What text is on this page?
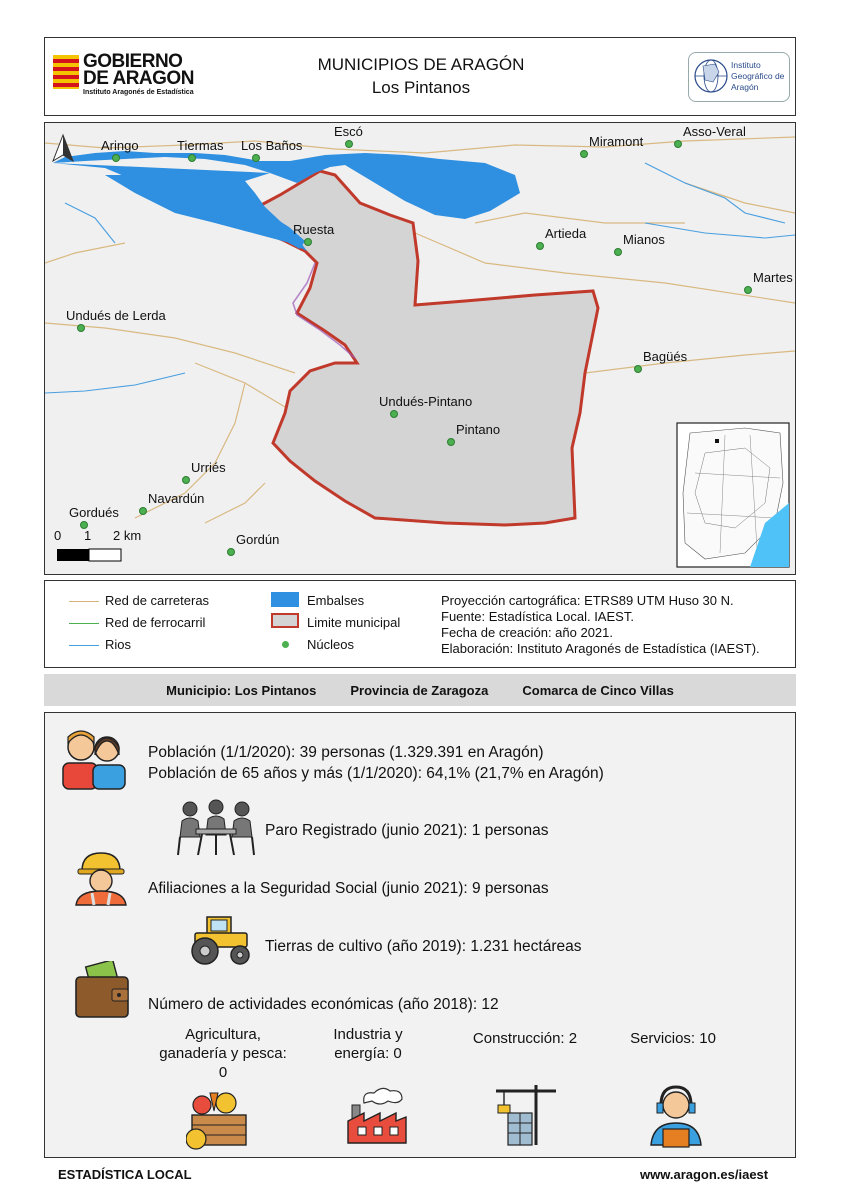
GOBIERNO
DE ARAGON
Instituto Aragonés de Estadística
MUNICIPIOS DE ARAGÓN
Los Pintanos
Instituto
Geográfico de
Aragón
Aringo	Tiermas Los Baños
Escó
Miramont
Asso-Veral
Ruesta	Artieda	Mianos
Martes
Undués de Lerda
Bagüés
Undués-Pintano
Pintano
Urriés
Navardún
Gordués
Gordún
0 1 2 km
Red de carreteras
Red de ferrocarril
Rios
Embalses
Limite municipal
Núcleos
Proyección cartográfica: ETRS89 UTM Huso 30 N.
Fuente: Estadística Local. IAEST.
Fecha de creación: año 2021.
Elaboración: Instituto Aragonés de Estadística (IAEST).
Municipio: Los Pintanos	Provincia de Zaragoza	Comarca de Cinco Villas
Población (1/1/2020): 39 personas (1.329.391 en Aragón)
Población de 65 años y más (1/1/2020): 64,1% (21,7% en Aragón)
Paro Registrado (junio 2021): 1 personas
Afiliaciones a la Seguridad Social (junio 2021): 9 personas
Tierras de cultivo (año 2019): 1.231 hectáreas
Número de actividades económicas (año 2018): 12
Agricultura, ganadería y pesca: 0
Industria y energía: 0
Construcción: 2	Servicios: 10
ESTADÍSTICA LOCAL	www.aragon.es/iaest
